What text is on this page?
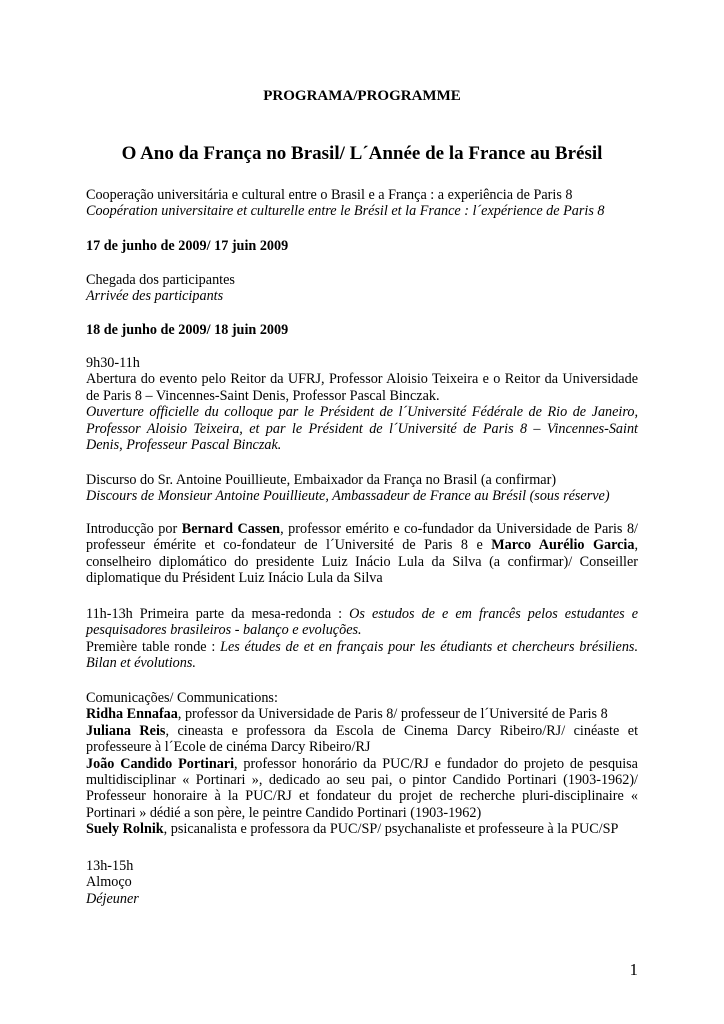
PROGRAMA/PROGRAMME
O Ano da França no Brasil/ L´Année de la France au Brésil
Cooperação universitária e cultural entre o Brasil e a França : a experiência de Paris 8
Coopération universitaire et culturelle entre le Brésil et la France : l´expérience de Paris 8
17 de junho de 2009/ 17 juin 2009
Chegada dos participantes
Arrivée des participants
18 de junho de 2009/ 18 juin 2009
9h30-11h
Abertura do evento pelo Reitor da UFRJ, Professor Aloisio Teixeira e o Reitor da Universidade de Paris 8 – Vincennes-Saint Denis, Professor Pascal Binczak.
Ouverture officielle du colloque par le Président de l´Université Fédérale de Rio de Janeiro, Professor Aloisio Teixeira, et par le Président de l´Université de Paris 8 – Vincennes-Saint Denis, Professeur Pascal Binczak.
Discurso do Sr. Antoine Pouillieute, Embaixador da França no Brasil (a confirmar)
Discours de Monsieur Antoine Pouillieute, Ambassadeur de France au Brésil (sous réserve)
Introducção por Bernard Cassen, professor emérito e co-fundador da Universidade de Paris 8/ professeur émérite et co-fondateur de l´Université de Paris 8 e Marco Aurélio Garcia, conselheiro diplomático do presidente Luiz Inácio Lula da Silva (a confirmar)/ Conseiller diplomatique du Président Luiz Inácio Lula da Silva
11h-13h Primeira parte da mesa-redonda : Os estudos de e em francês pelos estudantes e pesquisadores brasileiros - balanço e evoluções.
Première table ronde : Les études de et en français pour les étudiants et chercheurs brésiliens. Bilan et évolutions.
Comunicações/ Communications:
Ridha Ennafaa, professor da Universidade de Paris 8/ professeur de l´Université de Paris 8
Juliana Reis, cineasta e professora da Escola de Cinema Darcy Ribeiro/RJ/ cinéaste et professeure à l´Ecole de cinéma Darcy Ribeiro/RJ
João Candido Portinari, professor honorário da PUC/RJ e fundador do projeto de pesquisa multidisciplinar « Portinari », dedicado ao seu pai, o pintor Candido Portinari (1903-1962)/ Professeur honoraire à la PUC/RJ et fondateur du projet de recherche pluri-disciplinaire « Portinari » dédié a son père, le peintre Candido Portinari (1903-1962)
Suely Rolnik, psicanalista e professora da PUC/SP/ psychanaliste et professeure à la PUC/SP
13h-15h
Almoço
Déjeuner
1
